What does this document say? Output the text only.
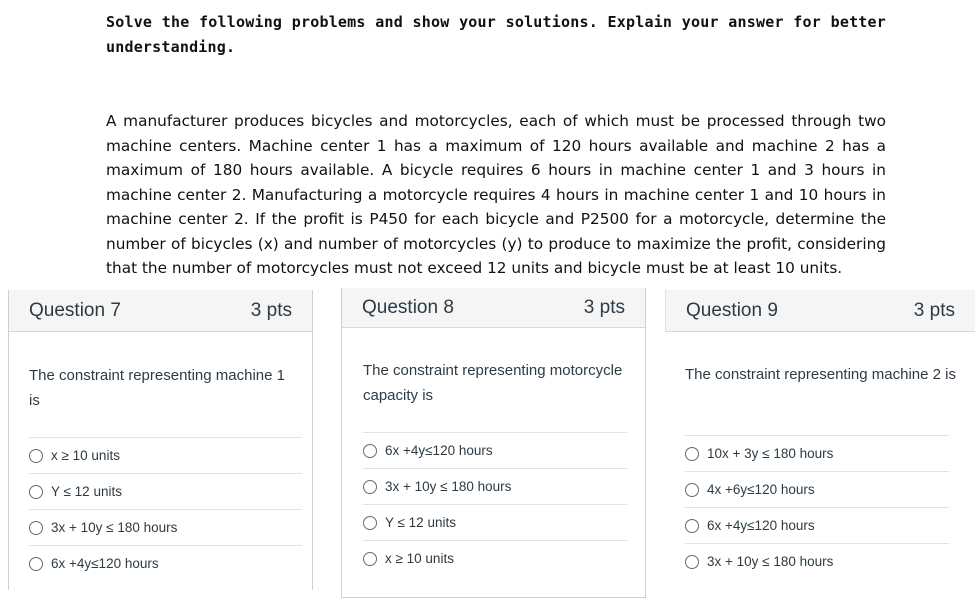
Solve the following problems and show your solutions. Explain your answer for better understanding.
A manufacturer produces bicycles and motorcycles, each of which must be processed through two machine centers. Machine center 1 has a maximum of 120 hours available and machine 2 has a maximum of 180 hours available. A bicycle requires 6 hours in machine center 1 and 3 hours in machine center 2. Manufacturing a motorcycle requires 4 hours in machine center 1 and 10 hours in machine center 2. If the profit is P450 for each bicycle and P2500 for a motorcycle, determine the number of bicycles (x) and number of motorcycles (y) to produce to maximize the profit, considering that the number of motorcycles must not exceed 12 units and bicycle must be at least 10 units.
Question 7	3 pts
The constraint representing machine 1 is
x ≥ 10 units
Y ≤ 12 units
3x + 10y ≤ 180 hours
6x +4y≤120 hours
Question 8	3 pts
The constraint representing motorcycle capacity is
6x +4y≤120 hours
3x + 10y ≤ 180 hours
Y ≤ 12 units
x ≥ 10 units
Question 9	3 pts
The constraint representing machine 2 is
10x + 3y ≤ 180 hours
4x +6y≤120 hours
6x +4y≤120 hours
3x + 10y ≤ 180 hours
